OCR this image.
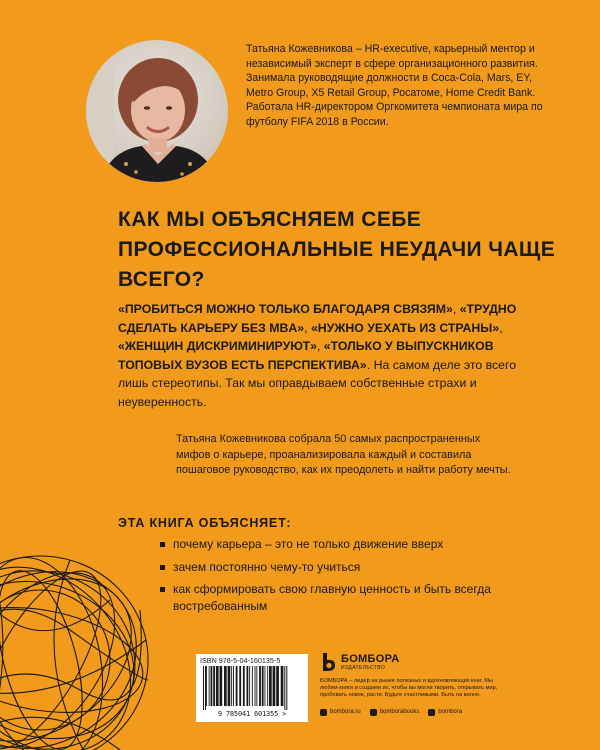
Татьяна Кожевникова – HR-executive, карьерный ментор и независимый эксперт в сфере организационного развития. Занимала руководящие должности в Coca-Cola, Mars, EY, Metro Group, X5 Retail Group, Росатоме, Home Credit Bank. Работала HR-директором Оргкомитета чемпионата мира по футболу FIFA 2018 в России.

КАК МЫ ОБЪЯСНЯЕМ СЕБЕ ПРОФЕССИОНАЛЬНЫЕ НЕУДАЧИ ЧАЩЕ ВСЕГО?

«ПРОБИТЬСЯ МОЖНО ТОЛЬКО БЛАГОДАРЯ СВЯЗЯМ», «ТРУДНО СДЕЛАТЬ КАРЬЕРУ БЕЗ MBA», «НУЖНО УЕХАТЬ ИЗ СТРАНЫ», «ЖЕНЩИН ДИСКРИМИНИРУЮТ», «ТОЛЬКО У ВЫПУСКНИКОВ ТОПОВЫХ ВУЗОВ ЕСТЬ ПЕРСПЕКТИВА». На самом деле это всего лишь стереотипы. Так мы оправдываем собственные страхи и неуверенность.

Татьяна Кожевникова собрала 50 самых распространенных мифов о карьере, проанализировала каждый и составила пошаговое руководство, как их преодолеть и найти работу мечты.

ЭТА КНИГА ОБЪЯСНЯЕТ:
почему карьера – это не только движение вверх
зачем постоянно чему-то учиться
как сформировать свою главную ценность и быть всегда востребованным
ISBN 978-5-04-160135-5
9 785041 601355 >
БОМБОРА
ИЗДАТЕЛЬСТВО

БОМБОРА – лидер на рынке полезных и вдохновляющих книг. Мы любим книги и создаем их, чтобы вы могли творить, открывать мир, пробовать новое, расти. Будьте счастливыми. Быть на волне.

bombora.ru	bomborabooks	bombora
